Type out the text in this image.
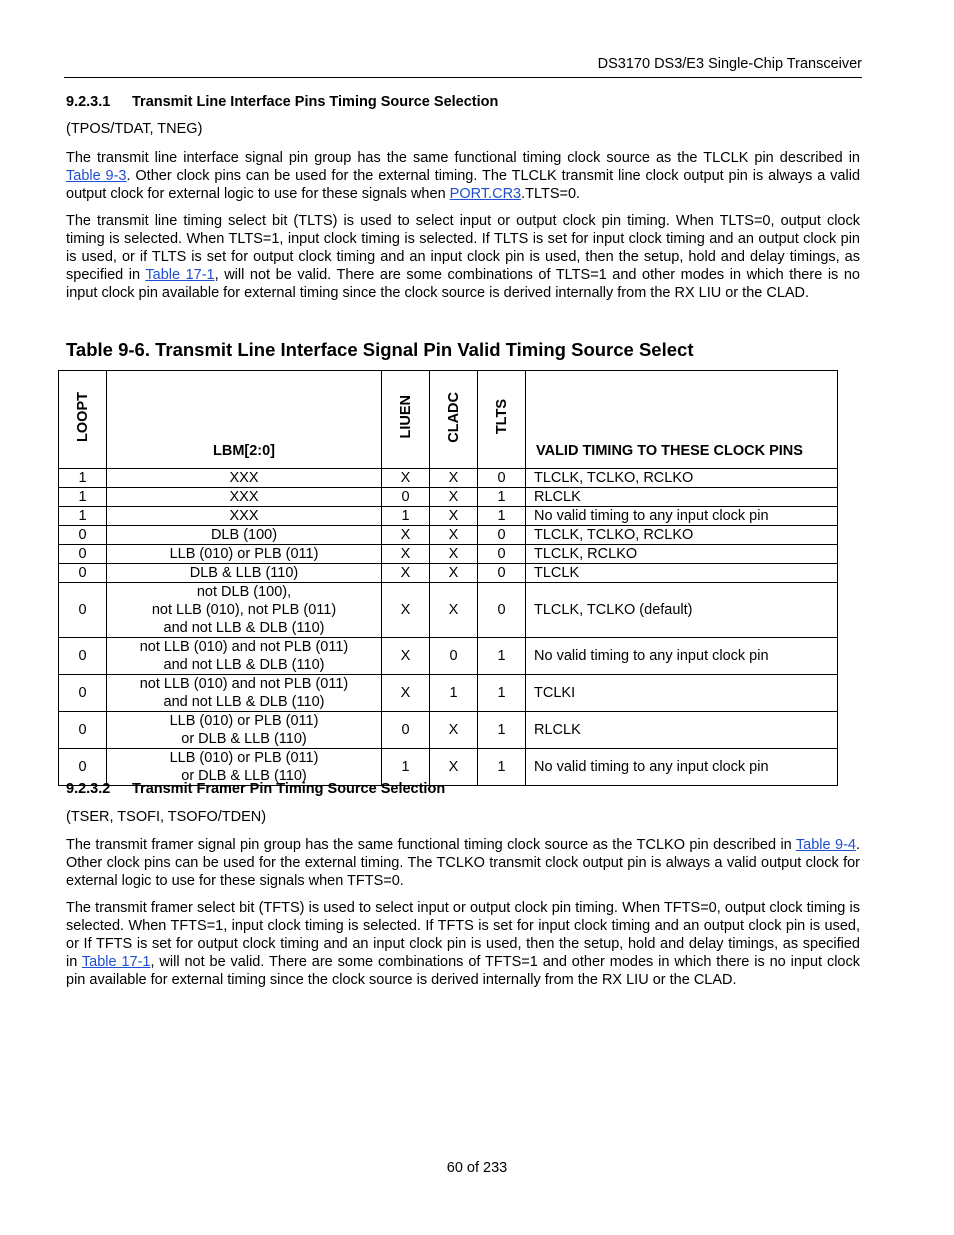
DS3170 DS3/E3 Single-Chip Transceiver
9.2.3.1 Transmit Line Interface Pins Timing Source Selection
(TPOS/TDAT, TNEG)

The transmit line interface signal pin group has the same functional timing clock source as the TLCLK pin described in Table 9-3. Other clock pins can be used for the external timing. The TLCLK transmit line clock output pin is always a valid output clock for external logic to use for these signals when PORT.CR3.TLTS=0.

The transmit line timing select bit (TLTS) is used to select input or output clock pin timing. When TLTS=0, output clock timing is selected. When TLTS=1, input clock timing is selected. If TLTS is set for input clock timing and an output clock pin is used, or if TLTS is set for output clock timing and an input clock pin is used, then the setup, hold and delay timings, as specified in Table 17-1, will not be valid. There are some combinations of TLTS=1 and other modes in which there is no input clock pin available for external timing since the clock source is derived internally from the RX LIU or the CLAD.

Table 9-6. Transmit Line Interface Signal Pin Valid Timing Source Select
LOOPT	LBM[2:0]	LIUEN	CLADC	TLTS	VALID TIMING TO THESE CLOCK PINS
1	XXX	X	X	0	TLCLK, TCLKO, RCLKO
1	XXX	0	X	1	RLCLK
1	XXX	1	X	1	No valid timing to any input clock pin
0	DLB (100)	X	X	0	TLCLK, TCLKO, RCLKO
0	LLB (010) or PLB (011)	X	X	0	TLCLK, RCLKO
0	DLB & LLB (110)	X	X	0	TLCLK
0	not DLB (100),
not LLB (010), not PLB (011)
and not LLB & DLB (110)	X	X	0	TLCLK, TCLKO (default)
0	not LLB (010) and not PLB (011)
and not LLB & DLB (110)	X	0	1	No valid timing to any input clock pin
0	not LLB (010) and not PLB (011)
and not LLB & DLB (110)	X	1	1	TCLKI
0	LLB (010) or PLB (011)
or DLB & LLB (110)	0	X	1	RLCLK
0	LLB (010) or PLB (011)
or DLB & LLB (110)	1	X	1	No valid timing to any input clock pin
9.2.3.2 Transmit Framer Pin Timing Source Selection
(TSER, TSOFI, TSOFO/TDEN)

The transmit framer signal pin group has the same functional timing clock source as the TCLKO pin described in Table 9-4. Other clock pins can be used for the external timing. The TCLKO transmit clock output pin is always a valid output clock for external logic to use for these signals when TFTS=0.

The transmit framer select bit (TFTS) is used to select input or output clock pin timing. When TFTS=0, output clock timing is selected. When TFTS=1, input clock timing is selected. If TFTS is set for input clock timing and an output clock pin is used, or If TFTS is set for output clock timing and an input clock pin is used, then the setup, hold and delay timings, as specified in Table 17-1, will not be valid. There are some combinations of TFTS=1 and other modes in which there is no input clock pin available for external timing since the clock source is derived internally from the RX LIU or the CLAD.

60 of 233
